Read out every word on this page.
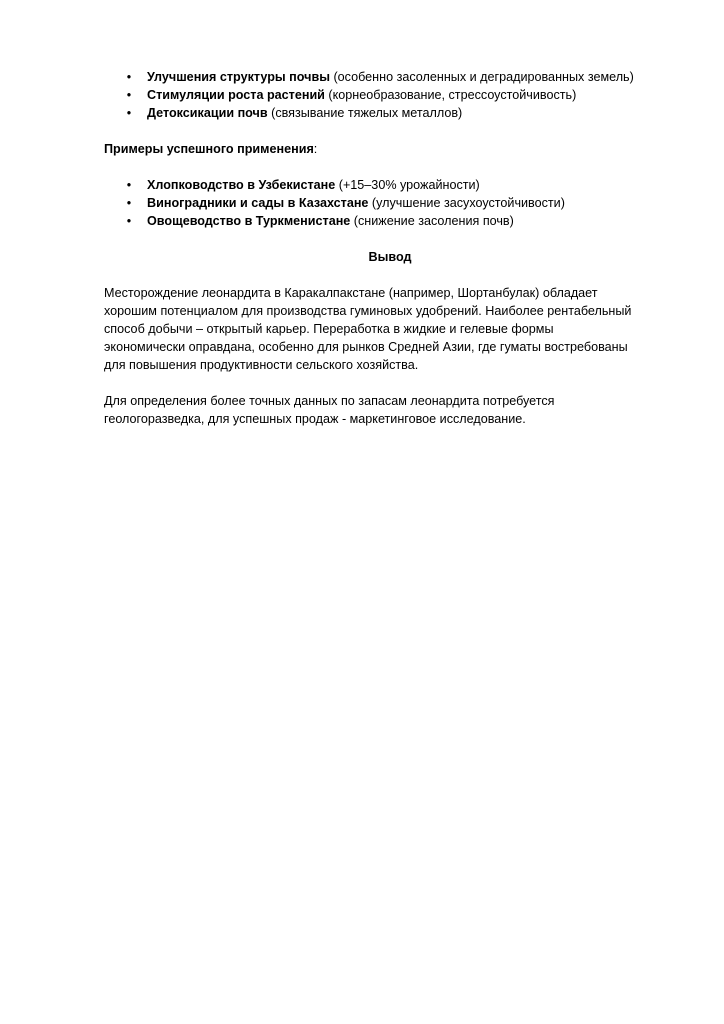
• Улучшения структуры почвы (особенно засоленных и деградированных земель)
• Стимуляции роста растений (корнеобразование, стрессоустойчивость)
• Детоксикации почв (связывание тяжелых металлов)
Примеры успешного применения:
• Хлопководство в Узбекистане (+15–30% урожайности)
• Виноградники и сады в Казахстане (улучшение засухоустойчивости)
• Овощеводство в Туркменистане (снижение засоления почв)
Вывод

Месторождение леонардита в Каракалпакстане (например, Шортанбулак) обладает
хорошим потенциалом для производства гуминовых удобрений. Наиболее рентабельный
способ добычи – открытый карьер. Переработка в жидкие и гелевые формы
экономически оправдана, особенно для рынков Средней Азии, где гуматы востребованы
для повышения продуктивности сельского хозяйства.

Для определения более точных данных по запасам леонардита потребуется
геологоразведка, для успешных продаж - маркетинговое исследование.
